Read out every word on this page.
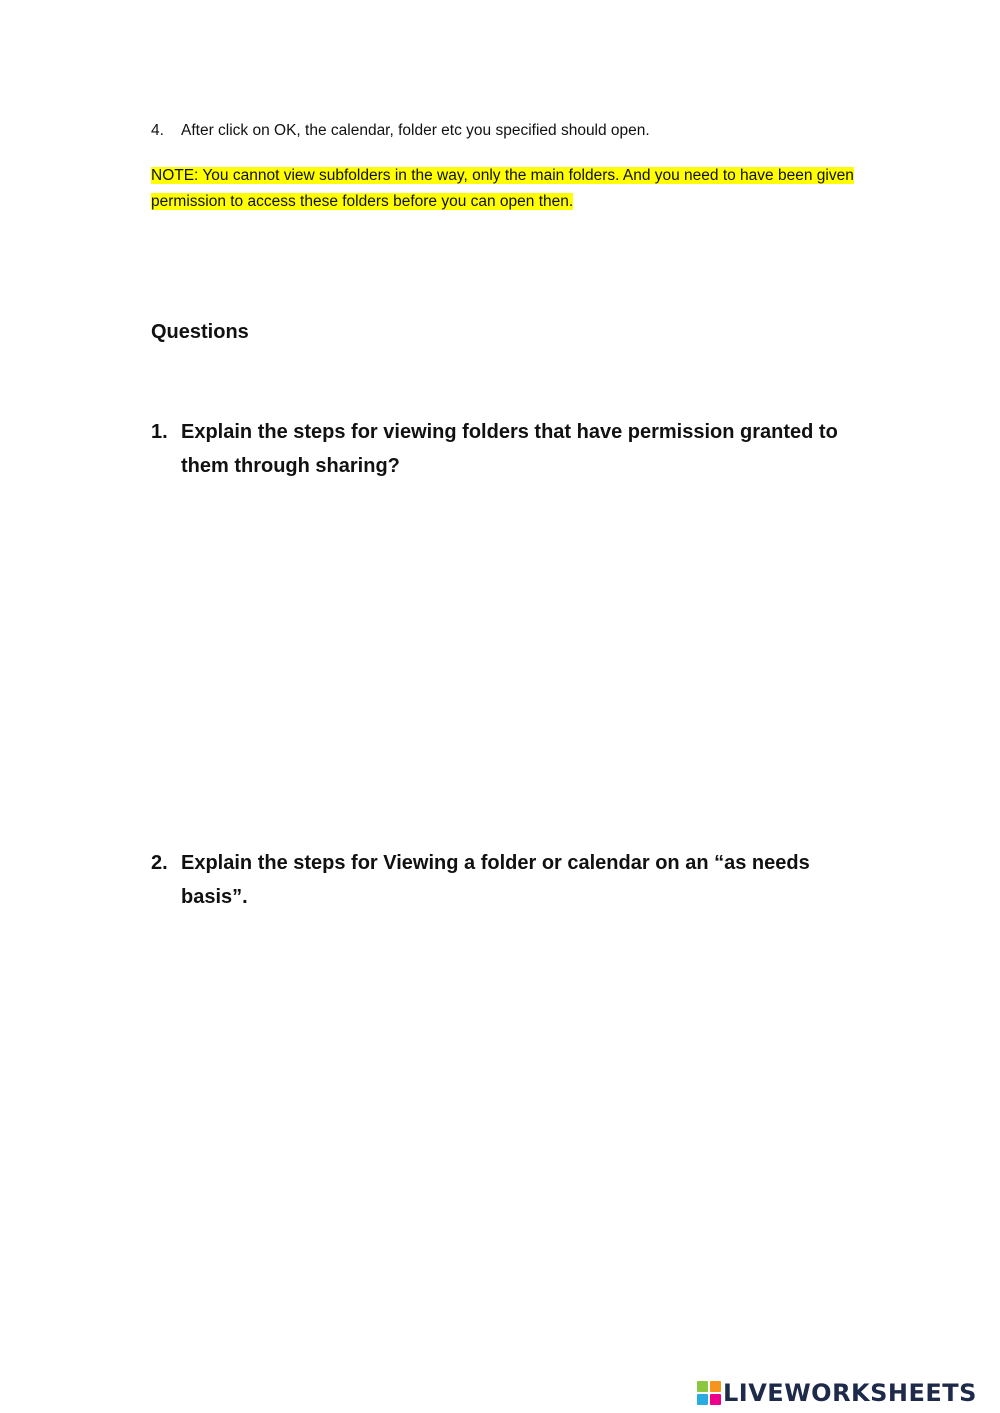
4. After click on OK, the calendar, folder etc you specified should open.
NOTE: You cannot view subfolders in the way, only the main folders. And you need to have been given permission to access these folders before you can open then.
Questions
1. Explain the steps for viewing folders that have permission granted to them through sharing?
2. Explain the steps for Viewing a folder or calendar on an “as needs basis”.
LIVEWORKSHEETS
